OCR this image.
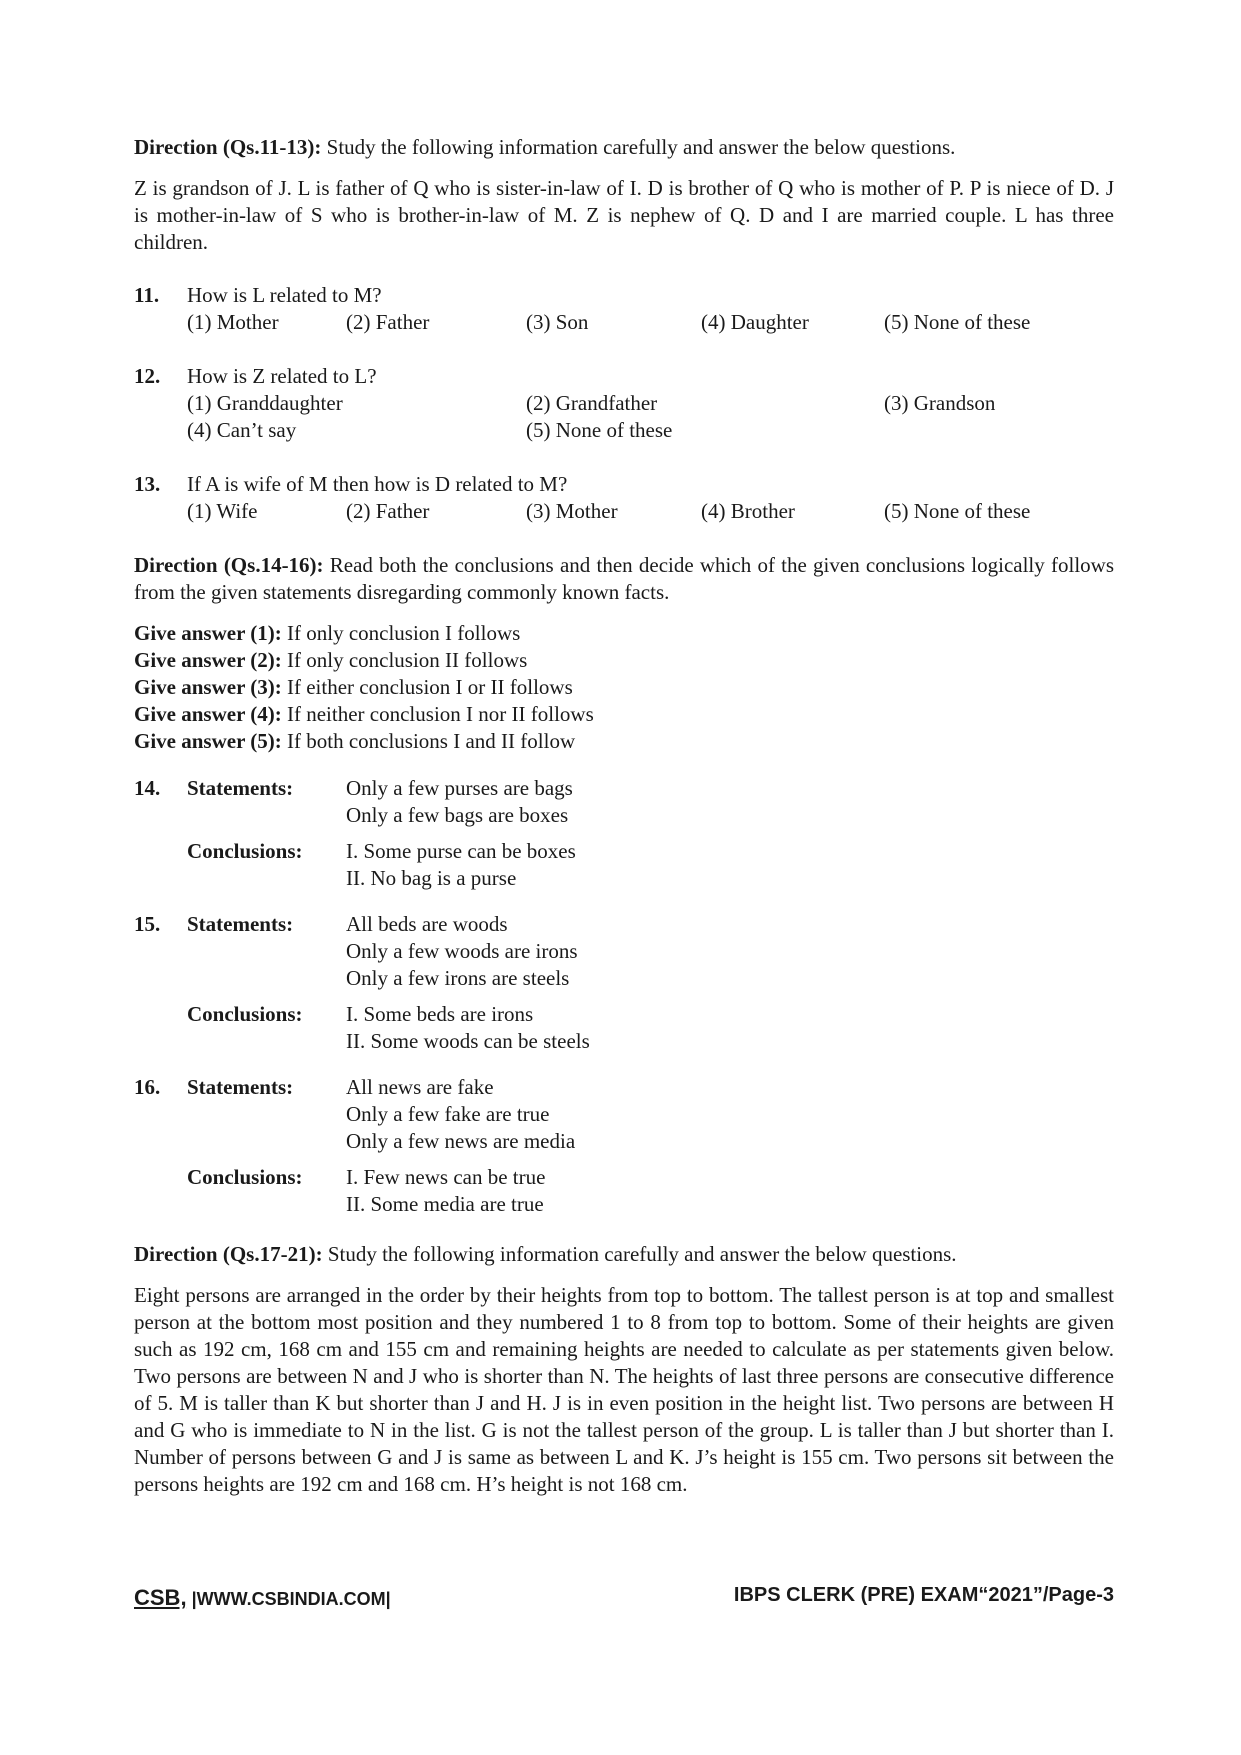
Direction (Qs.11-13): Study the following information carefully and answer the below questions.

Z is grandson of J. L is father of Q who is sister-in-law of I. D is brother of Q who is mother of P. P is niece of D. J is mother-in-law of S who is brother-in-law of M. Z is nephew of Q. D and I are married couple. L has three children.

11. How is L related to M?
(1) Mother	(2) Father	(3) Son	(4) Daughter	(5) None of these
12. How is Z related to L?
(1) Granddaughter	(2) Grandfather	(3) Grandson
(4) Can’t say	(5) None of these
13. If A is wife of M then how is D related to M?
(1) Wife	(2) Father	(3) Mother	(4) Brother	(5) None of these

Direction (Qs.14-16): Read both the conclusions and then decide which of the given conclusions logically follows from the given statements disregarding commonly known facts.

Give answer (1): If only conclusion I follows

Give answer (2): If only conclusion II follows

Give answer (3): If either conclusion I or II follows

Give answer (4): If neither conclusion I nor II follows

Give answer (5): If both conclusions I and II follow

14. Statements:	Only a few purses are bags
Only a few bags are boxes
Conclusions: I. Some purse can be boxes
II. No bag is a purse
15. Statements:	All beds are woods
Only a few woods are irons
Only a few irons are steels
Conclusions: I. Some beds are irons
II. Some woods can be steels
16. Statements:	All news are fake
Only a few fake are true
Only a few news are media
Conclusions: I. Few news can be true
II. Some media are true

Direction (Qs.17-21): Study the following information carefully and answer the below questions.

Eight persons are arranged in the order by their heights from top to bottom. The tallest person is at top and smallest person at the bottom most position and they numbered 1 to 8 from top to bottom. Some of their heights are given such as 192 cm, 168 cm and 155 cm and remaining heights are needed to calculate as per statements given below. Two persons are between N and J who is shorter than N. The heights of last three persons are consecutive difference of 5. M is taller than K but shorter than J and H. J is in even position in the height list. Two persons are between H and G who is immediate to N in the list. G is not the tallest person of the group. L is taller than J but shorter than I. Number of persons between G and J is same as between L and K. J’s height is 155 cm. Two persons sit between the persons heights are 192 cm and 168 cm. H’s height is not 168 cm.

CSB, |WWW.CSBINDIA.COM|	IBPS CLERK (PRE) EXAM“2021”/Page-3
